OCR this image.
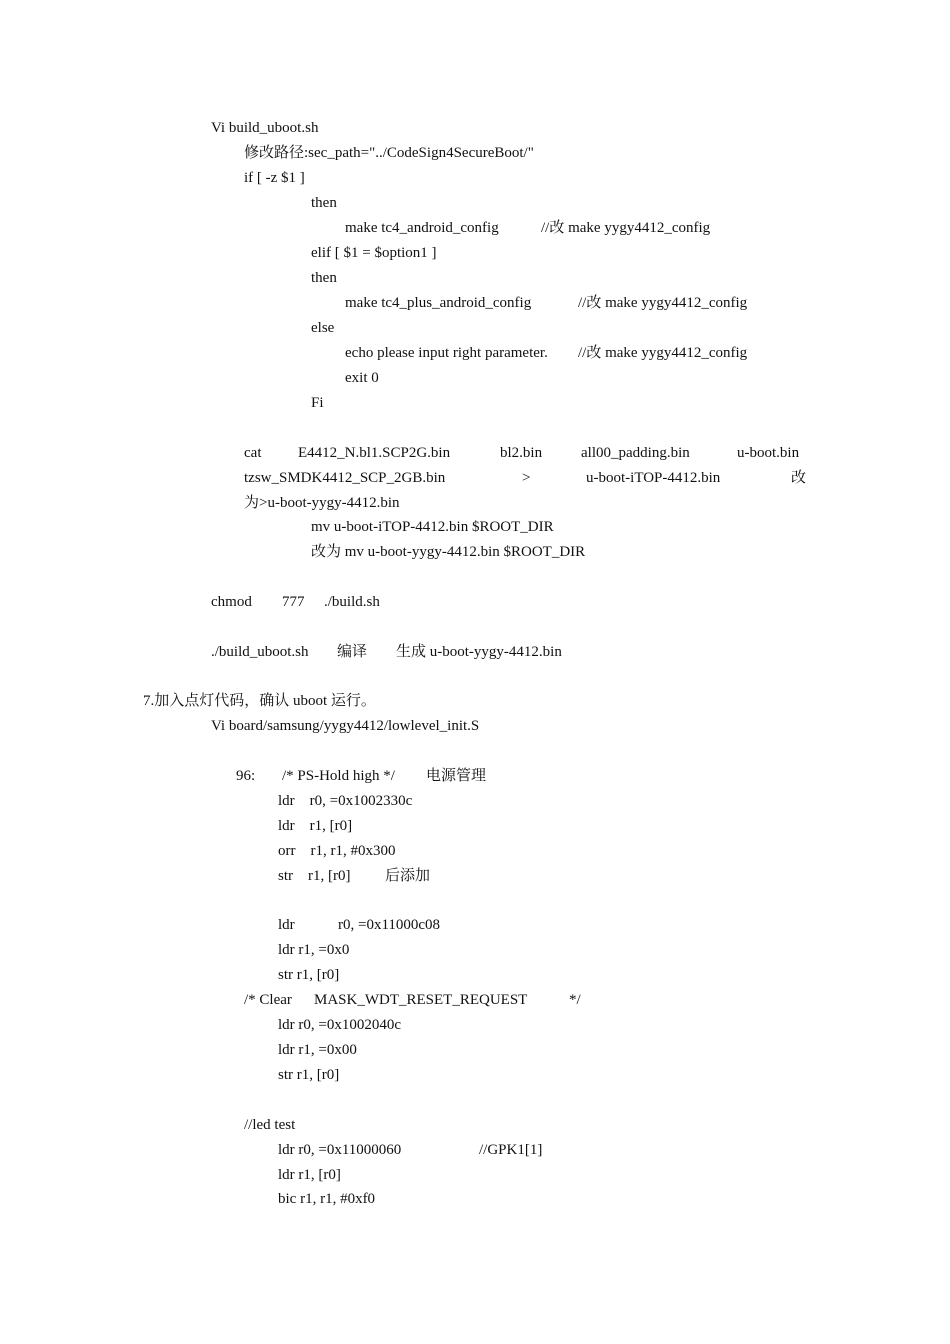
Vi build_uboot.sh
修改路径:sec_path="../CodeSign4SecureBoot/"
if [ -z $1 ]
then
make tc4_android_config	//改 make yygy4412_config
elif [ $1 = $option1 ]
then
make tc4_plus_android_config	//改 make yygy4412_config
else
echo please input right parameter. //改 make yygy4412_config
exit 0
Fi
cat E4412_N.bl1.SCP2G.bin	bl2.bin	all00_padding.bin	u-boot.bin
tzsw_SMDK4412_SCP_2GB.bin	>	u-boot-iTOP-4412.bin	改
为>u-boot-yygy-4412.bin
mv u-boot-iTOP-4412.bin $ROOT_DIR
改为 mv u-boot-yygy-4412.bin $ROOT_DIR
chmod 777 ./build.sh
./build_uboot.sh 编译 生成 u-boot-yygy-4412.bin
7.加入点灯代码，确认 uboot 运行。
Vi board/samsung/yygy4412/lowlevel_init.S
96: /* PS-Hold high */ 电源管理
ldr    r0, =0x1002330c
ldr    r1, [r0]
orr    r1, r1, #0x300
str    r1, [r0] 后添加
ldr	r0, =0x11000c08
ldr r1, =0x0
str r1, [r0]
/* Clear MASK_WDT_RESET_REQUEST	*/
ldr r0, =0x1002040c
ldr r1, =0x00
str r1, [r0]
//led test
ldr r0, =0x11000060	//GPK1[1]
ldr r1, [r0]
bic r1, r1, #0xf0
